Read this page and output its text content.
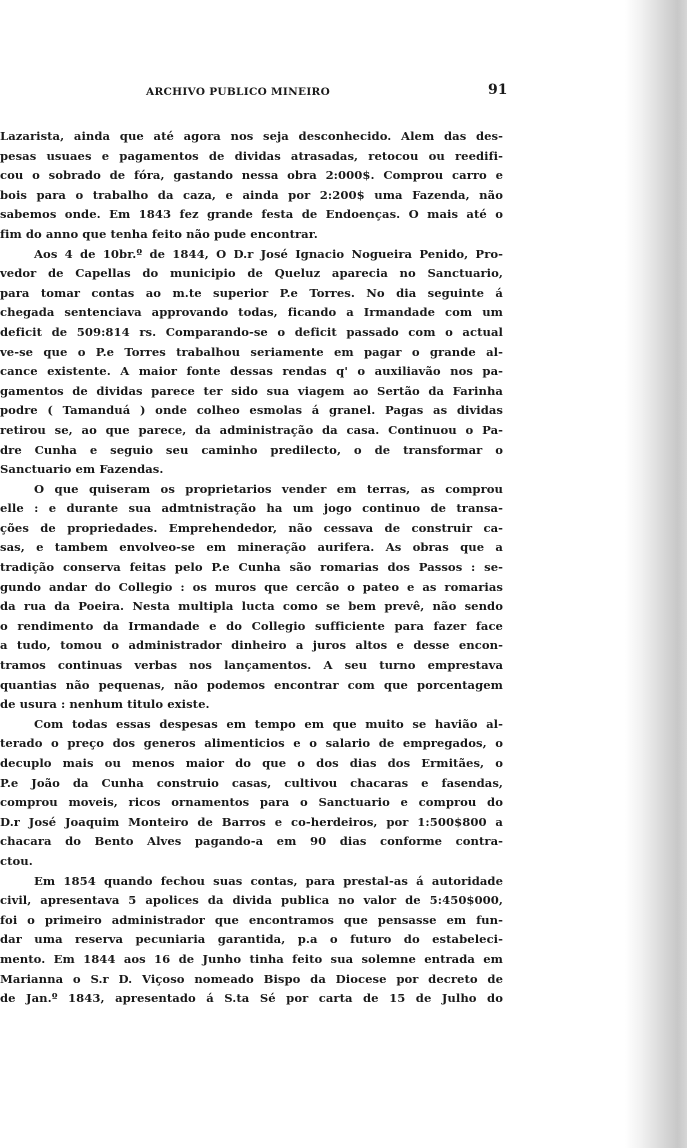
ARCHIVO PUBLICO MINEIRO	91
Lazarista, ainda que até agora nos seja desconhecido. Alem das des-
pesas usuaes e pagamentos de dividas atrasadas, retocou ou reedifi-
cou o sobrado de fóra, gastando nessa obra 2:000$. Comprou carro e
bois para o trabalho da caza, e ainda por 2:200$ uma Fazenda, não
sabemos onde. Em 1843 fez grande festa de Endoenças. O mais até o
fim do anno que tenha feito não pude encontrar.
Aos 4 de 10br.º de 1844, O D.r José Ignacio Nogueira Penido, Pro-
vedor de Capellas do municipio de Queluz aparecia no Sanctuario,
para tomar contas ao m.te superior P.e Torres. No dia seguinte á
chegada sentenciava approvando todas, ficando a Irmandade com um
deficit de 509:814 rs. Comparando-se o deficit passado com o actual
ve-se que o P.e Torres trabalhou seriamente em pagar o grande al-
cance existente. A maior fonte dessas rendas q' o auxiliavão nos pa-
gamentos de dividas parece ter sido sua viagem ao Sertão da Farinha
podre ( Tamanduá ) onde colheo esmolas á granel. Pagas as dividas
retirou se, ao que parece, da administração da casa. Continuou o Pa-
dre Cunha e seguio seu caminho predilecto, o de transformar o
Sanctuario em Fazendas.
O que quiseram os proprietarios vender em terras, as comprou
elle : e durante sua admtnistração ha um jogo continuo de transa-
ções de propriedades. Emprehendedor, não cessava de construir ca-
sas, e tambem envolveo-se em mineração aurifera. As obras que a
tradição conserva feitas pelo P.e Cunha são romarias dos Passos : se-
gundo andar do Collegio : os muros que cercão o pateo e as romarias
da rua da Poeira. Nesta multipla lucta como se bem prevê, não sendo
o rendimento da Irmandade e do Collegio sufficiente para fazer face
a tudo, tomou o administrador dinheiro a juros altos e desse encon-
tramos continuas verbas nos lançamentos. A seu turno emprestava
quantias não pequenas, não podemos encontrar com que porcentagem
de usura : nenhum titulo existe.
Com todas essas despesas em tempo em que muito se havião al-
terado o preço dos generos alimenticios e o salario de empregados, o
decuplo mais ou menos maior do que o dos dias dos Ermitães, o
P.e João da Cunha construio casas, cultivou chacaras e fasendas,
comprou moveis, ricos ornamentos para o Sanctuario e comprou do
D.r José Joaquim Monteiro de Barros e co-herdeiros, por 1:500$800 a
chacara do Bento Alves pagando-a em 90 dias conforme contra-
ctou.
Em 1854 quando fechou suas contas, para prestal-as á autoridade
civil, apresentava 5 apolices da divida publica no valor de 5:450$000,
foi o primeiro administrador que encontramos que pensasse em fun-
dar uma reserva pecuniaria garantida, p.a o futuro do estabeleci-
mento. Em 1844 aos 16 de Junho tinha feito sua solemne entrada em
Marianna o S.r D. Viçoso nomeado Bispo da Diocese por decreto de
de Jan.º 1843, apresentado á S.ta Sé por carta de 15 de Julho do
